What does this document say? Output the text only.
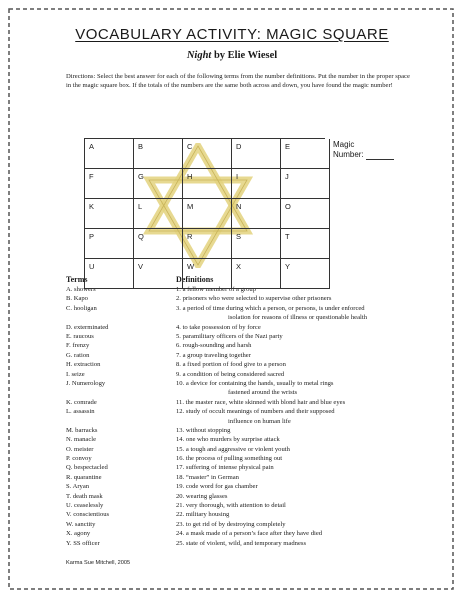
VOCABULARY ACTIVITY: MAGIC SQUARE
Night by Elie Wiesel
Directions: Select the best answer for each of the following terms from the number definitions. Put the number in the proper space in the magic square box. If the totals of the numbers are the same both across and down, you have found the magic number!
A	B	C	D	E
F	G	H	I	J
K	L	M	N	O
P	Q	R	S	T
U	V	W	X	Y
Magic
Number:
Terms	Definitions
A. showers
B. Kapo
C. hooligan
D. exterminated
E. raucous
F. frenzy
G. ration
H. extraction
I. seize
J. Numerology
K. comrade
L. assassin
M. barracks
N. manacle
O. meister
P. convoy
Q. bespectacled
R. quarantine
S. Aryan
T. death mask
U. ceaselessly
V. conscientious
W. sanctity
X. agony
Y. SS officer
1. a fellow member of a group
2. prisoners who were selected to supervise other prisoners
3. a period of time during which a person, or persons, is under enforced
isolation for reasons of illness or questionable health
4. to take possession of by force
5. paramilitary officers of the Nazi party
6. rough-sounding and harsh
7. a group traveling together
8. a fixed portion of food give to a person
9. a condition of being considered sacred
10. a device for containing the hands, usually to metal rings
fastened around the wrists
11. the master race, white skinned with blond hair and blue eyes
12. study of occult meanings of numbers and their supposed
influence on human life
13. without stopping
14. one who murders by surprise attack
15. a tough and aggressive or violent youth
16. the process of pulling something out
17. suffering of intense physical pain
18. “master” in German
19. code word for gas chamber
20. wearing glasses
21. very thorough, with attention to detail
22. military housing
23. to get rid of by destroying completely
24. a mask made of a person’s face after they have died
25. state of violent, wild, and temporary madness
Karma Sue Mitchell, 2005
